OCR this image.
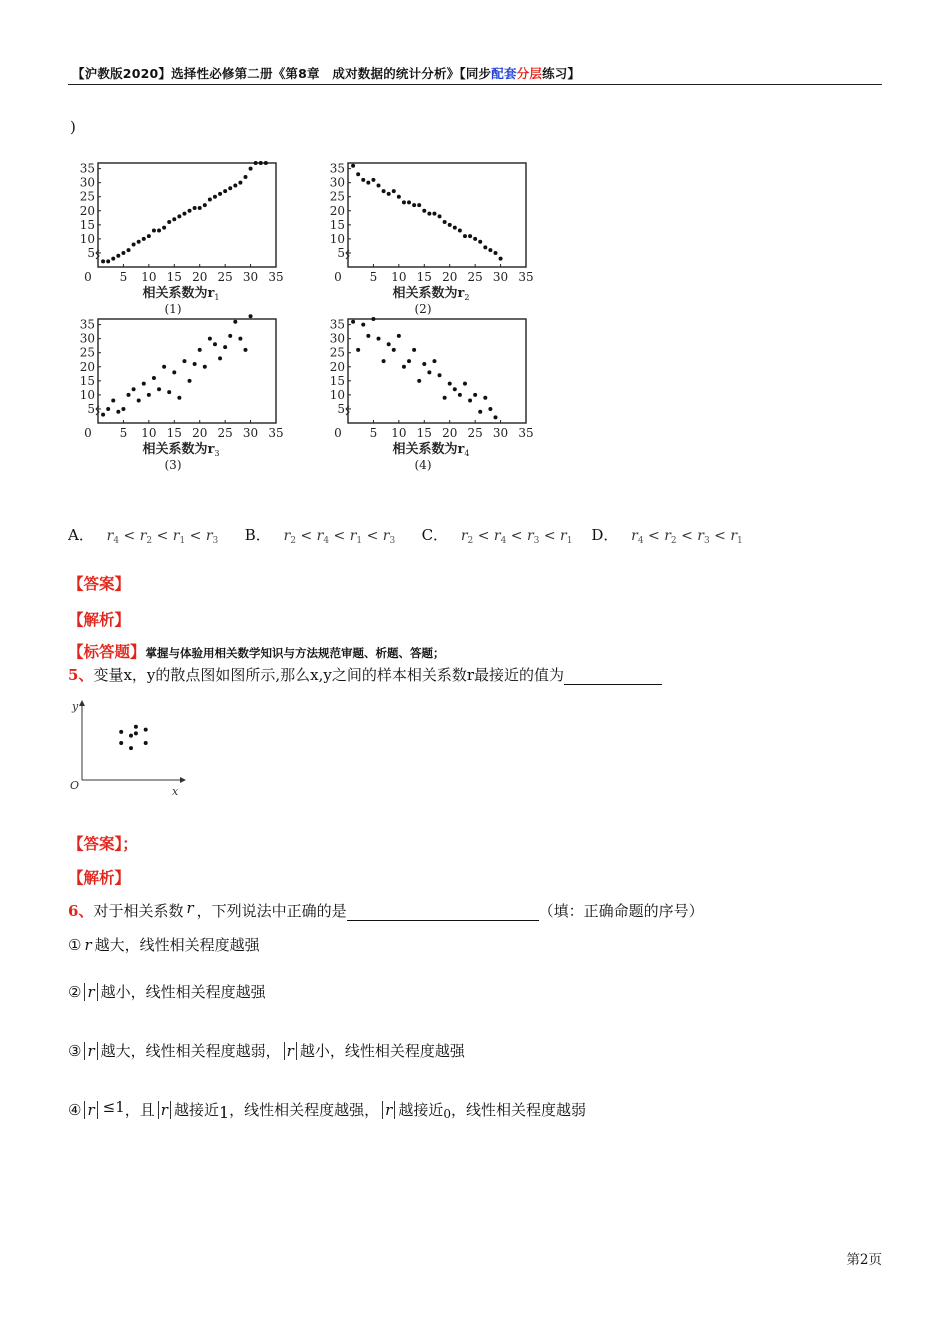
【沪教版2020】选择性必修第二册《第8章　成对数据的统计分析》【同步配套分层练习】
)
0 5 10 15 20 25 30 35
5
10
15
20
25
30
35
相关系数为$r_1$
(1)
0 5 10 15 20 25 30 35
5
10
15
20
25
30
35
相关系数为$r_2$
(2)
0 5 10 15 20 25 30 35
5
10
15
20
25
30
35
相关系数为$r_3$
(3)
0 5 10 15 20 25 30 35
5
10
15
20
25
30
35
相关系数为$r_4$
(4)
A． $r_4 < r_2 < r_1 < r_3$ B． $r_2 < r_4 < r_1 < r_3$ C． $r_2 < r_4 < r_3 < r_1$ D． $r_4 < r_2 < r_3 < r_1$
【答案】
【解析】
【标答题】掌握与体验用相关数学知识与方法规范审题、析题、答题；
5、变量x，y的散点图如图所示,那么x,y之间的样本相关系数r最接近的值为
y
x
O
【答案】；
【解析】
6、对于相关系数 r ，下列说法中正确的是	（填：正确命题的序号）
① r 越大，线性相关程度越强
② r 越小，线性相关程度越强
③ r 越大，线性相关程度越弱， r 越小，线性相关程度越强
④ r ≤1，且 r 越接近1，线性相关程度越强， r 越接近$_0$，线性相关程度越弱
第2页
